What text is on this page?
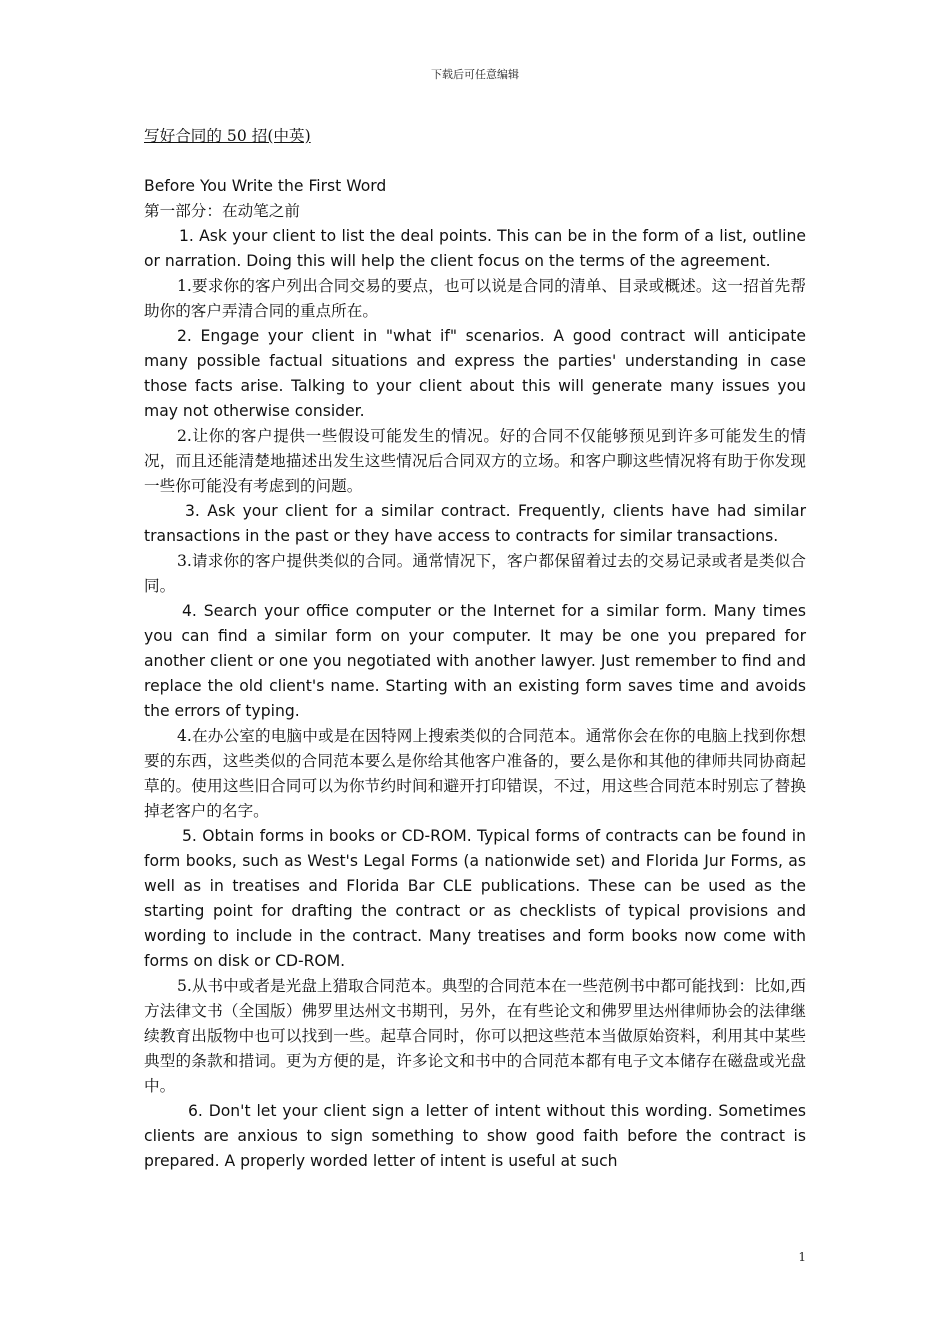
下载后可任意编辑
写好合同的 50 招(中英)

Before You Write the First Word

第一部分：在动笔之前

1. Ask your client to list the deal points. This can be in the form of a list, outline or narration. Doing this will help the client focus on the terms of the agreement.

1.要求你的客户列出合同交易的要点，也可以说是合同的清单、目录或概述。这一招首先帮助你的客户弄清合同的重点所在。

2. Engage your client in "what if" scenarios. A good contract will anticipate many possible factual situations and express the parties' understanding in case those facts arise. Talking to your client about this will generate many issues you may not otherwise consider.

2.让你的客户提供一些假设可能发生的情况。好的合同不仅能够预见到许多可能发生的情况，而且还能清楚地描述出发生这些情况后合同双方的立场。和客户聊这些情况将有助于你发现一些你可能没有考虑到的问题。

3. Ask your client for a similar contract. Frequently, clients have had similar transactions in the past or they have access to contracts for similar transactions.

3.请求你的客户提供类似的合同。通常情况下，客户都保留着过去的交易记录或者是类似合同。

4. Search your office computer or the Internet for a similar form. Many times you can find a similar form on your computer. It may be one you prepared for another client or one you negotiated with another lawyer. Just remember to find and replace the old client's name. Starting with an existing form saves time and avoids the errors of typing.

4.在办公室的电脑中或是在因特网上搜索类似的合同范本。通常你会在你的电脑上找到你想要的东西，这些类似的合同范本要么是你给其他客户准备的，要么是你和其他的律师共同协商起草的。使用这些旧合同可以为你节约时间和避开打印错误，不过，用这些合同范本时别忘了替换掉老客户的名字。

5. Obtain forms in books or CD-ROM. Typical forms of contracts can be found in form books, such as West's Legal Forms (a nationwide set) and Florida Jur Forms, as well as in treatises and Florida Bar CLE publications. These can be used as the starting point for drafting the contract or as checklists of typical provisions and wording to include in the contract. Many treatises and form books now come with forms on disk or CD-ROM.

5.从书中或者是光盘上猎取合同范本。典型的合同范本在一些范例书中都可能找到：比如,西方法律文书（全国版）佛罗里达州文书期刊，另外，在有些论文和佛罗里达州律师协会的法律继续教育出版物中也可以找到一些。起草合同时，你可以把这些范本当做原始资料，利用其中某些典型的条款和措词。更为方便的是，许多论文和书中的合同范本都有电子文本储存在磁盘或光盘中。

6. Don't let your client sign a letter of intent without this wording. Sometimes clients are anxious to sign something to show good faith before the contract is prepared. A properly worded letter of intent is useful at such

1
